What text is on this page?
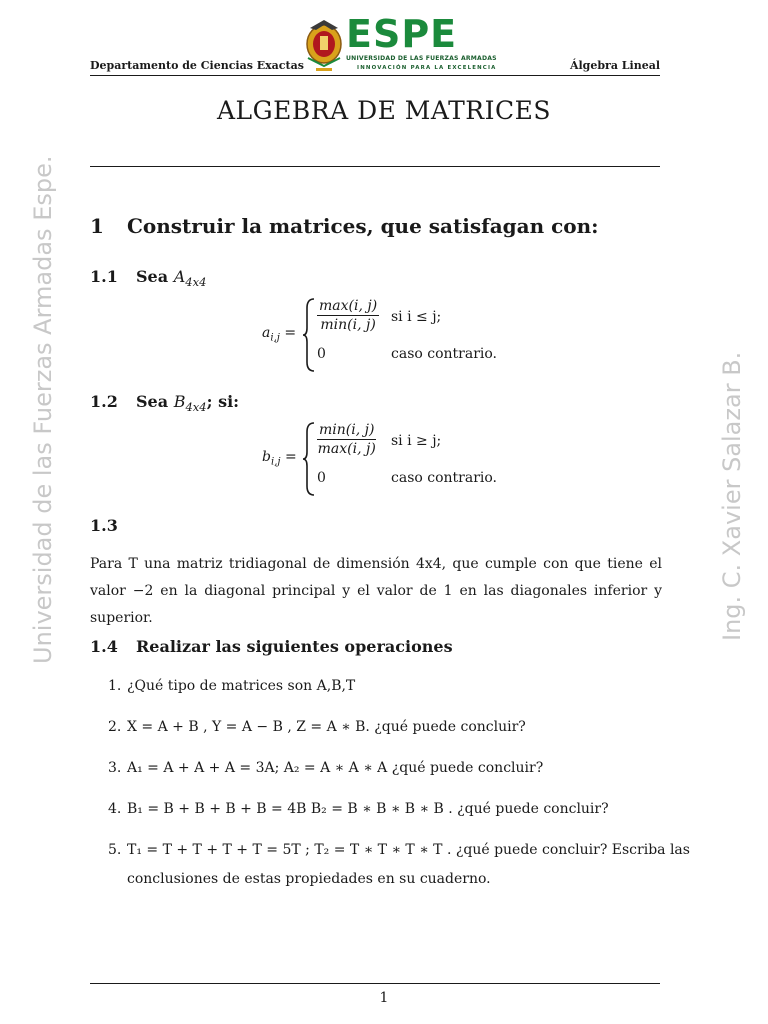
Departamento de Ciencias Exactas
ESPE
UNIVERSIDAD DE LAS FUERZAS ARMADAS
INNOVACIÓN PARA LA EXCELENCIA	Álgebra Lineal
ALGEBRA DE MATRICES
1 Construir la matrices, que satisfagan con:
1.1 Sea $A_{4x4}$
$a_{i,j}$ =
max(i, j)
min(i, j) si i ≤ j;
0	caso contrario.
1.2 Sea $B_{4x4}$; si:
$b_{i,j}$ =
min(i, j)
max(i, j) si i ≥ j;
0	caso contrario.
1.3
Para T una matriz tridiagonal de dimensión 4x4, que cumple con que tiene el valor −2 en la diagonal principal y el valor de 1 en las diagonales inferior y superior.
1.4 Realizar las siguientes operaciones
1. ¿Qué tipo de matrices son A,B,T
2. X = A + B , Y = A − B , Z = A ∗ B. ¿qué puede concluir?
3. A₁ = A + A + A = 3A; A₂ = A ∗ A ∗ A ¿qué puede concluir?
4. B₁ = B + B + B + B = 4B B₂ = B ∗ B ∗ B ∗ B . ¿qué puede concluir?
5. T₁ = T + T + T + T = 5T ; T₂ = T ∗ T ∗ T ∗ T . ¿qué puede concluir? Escriba las
conclusiones de estas propiedades en su cuaderno.
Universidad de las Fuerzas Armadas Espe.	Ing. C. Xavier Salazar B.
1
